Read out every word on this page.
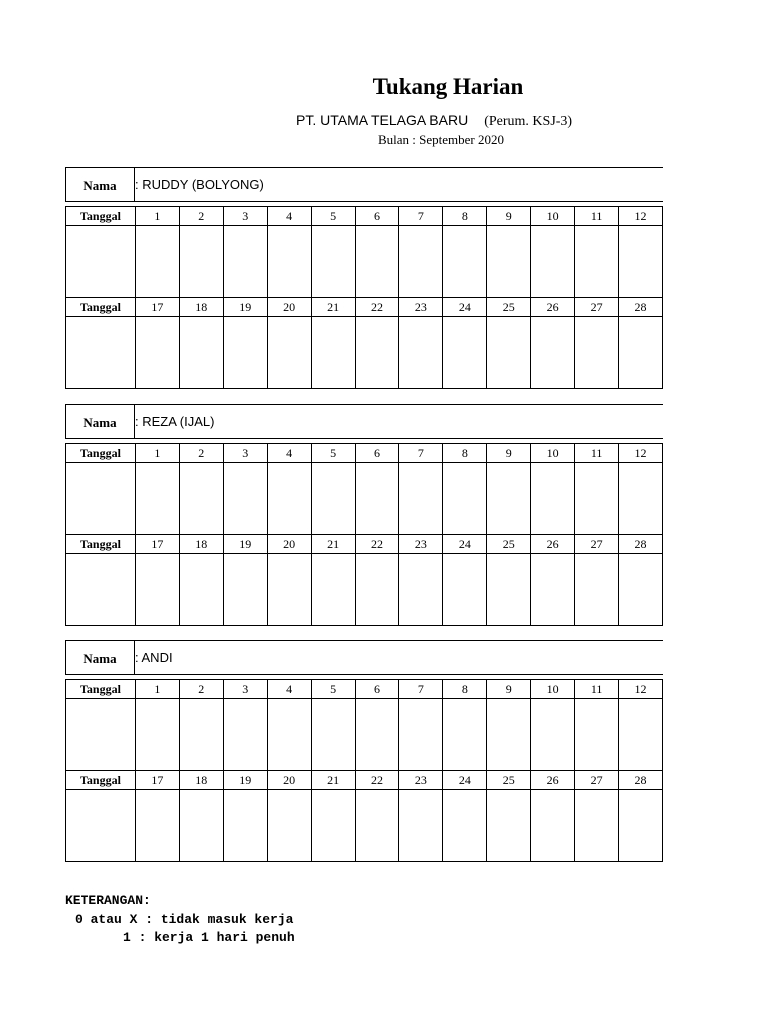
Tukang Harian
PT. UTAMA TELAGA BARU (Perum. KSJ-3)
Bulan : September 2020
Nama	: RUDDY (BOLYONG)
Tanggal	1	2	3	4	5	6	7	8	9	10	11	12

Tanggal	17	18	19	20	21	22	23	24	25	26	27	28

Nama	: REZA (IJAL)
Tanggal	1	2	3	4	5	6	7	8	9	10	11	12

Tanggal	17	18	19	20	21	22	23	24	25	26	27	28

Nama	: ANDI
Tanggal	1	2	3	4	5	6	7	8	9	10	11	12

Tanggal	17	18	19	20	21	22	23	24	25	26	27	28

KETERANGAN:
0 atau X : tidak masuk kerja
1 : kerja 1 hari penuh
